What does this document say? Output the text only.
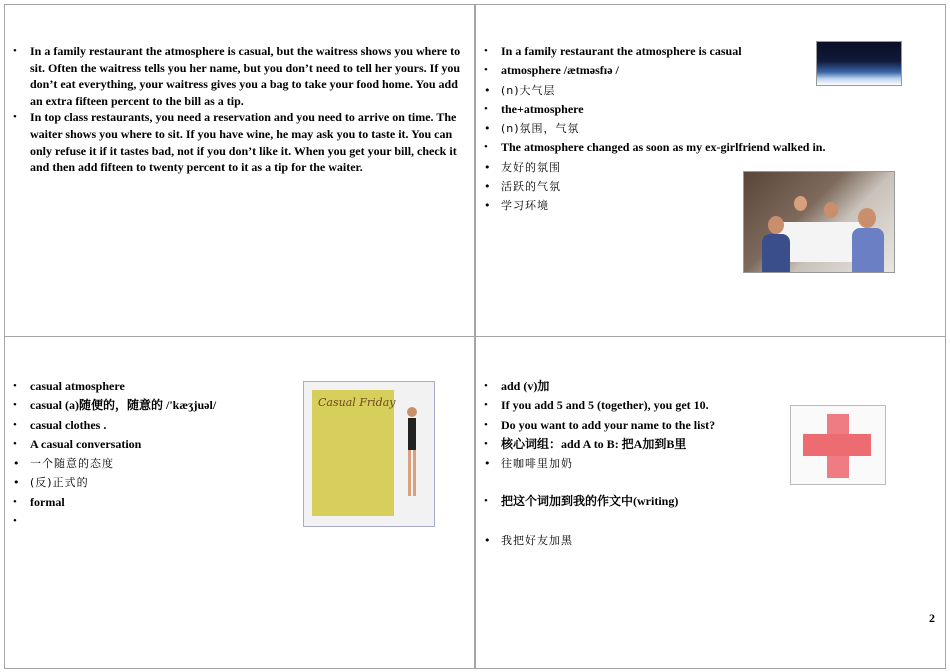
• In a family restaurant the atmosphere is casual, but the waitress shows you where to sit. Often the waitress tells you her name, but you don’t need to tell her yours. If you don’t eat everything, your waitress gives you a bag to take your food home. You add an extra fifteen percent to the bill as a tip.
• In top class restaurants, you need a reservation and you need to arrive on time. The waiter shows you where to sit. If you have wine, he may ask you to taste it. You can only refuse it if it tastes bad, not if you don’t like it. When you get your bill, check it and then add fifteen to twenty percent to it as a tip for the waiter.
• In a family restaurant the atmosphere is casual
• atmosphere /ætməsfɪə /
• (n)大气层
• the+atmosphere
• (n)氛围，气氛
• The atmosphere changed as soon as my ex-girlfriend walked in.
• 友好的氛围
• 活跃的气氛
• 学习环境
• casual atmosphere
• casual (a)随便的，随意的 /'kæʒjuəl/
• casual clothes .
• A casual conversation
• 一个随意的态度
• (反)正式的
• formal
Casual Friday
• add (v)加
• If you add 5 and 5 (together), you get 10.
• Do you want to add your name to the list?
• 核心词组：add A to B: 把A加到B里
• 往咖啡里加奶
• 把这个词加到我的作文中(writing)
• 我把好友加黑
2
